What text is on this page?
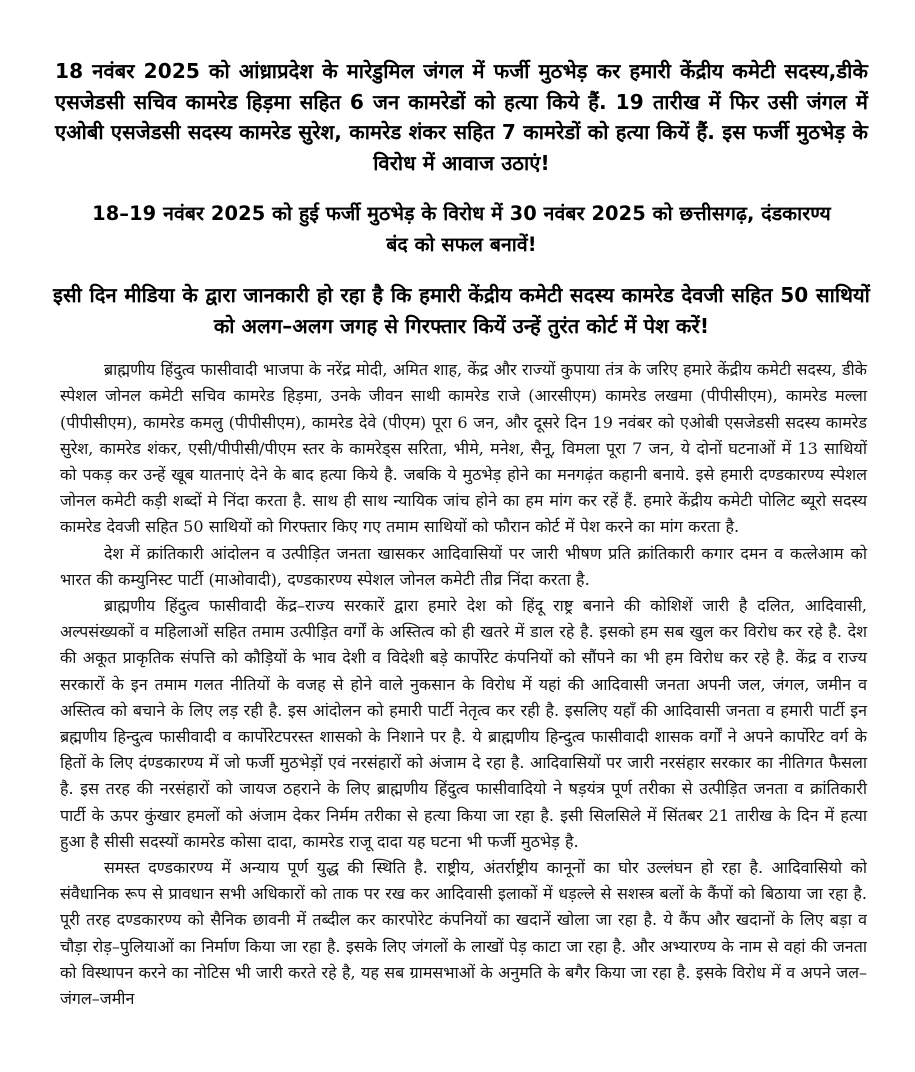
18 नवंबर 2025 को आंध्राप्रदेश के मारेडुमिल जंगल में फर्जी मुठभेड़ कर हमारी केंद्रीय कमेटी सदस्य,डीके एसजेडसी सचिव कामरेड हिड़मा सहित 6 जन कामरेडों को हत्या किये हैं. 19 तारीख में फिर उसी जंगल में एओबी एसजेडसी सदस्य कामरेड सुरेश, कामरेड शंकर सहित 7 कामरेडों को हत्या कियें हैं. इस फर्जी मुठभेड़ के विरोध में आवाज उठाएं!
18–19 नवंबर 2025 को हुई फर्जी मुठभेड़ के विरोध में 30 नवंबर 2025 को छत्तीसगढ़, दंडकारण्य बंद को सफल बनावें!
इसी दिन मीडिया के द्वारा जानकारी हो रहा है कि हमारी केंद्रीय कमेटी सदस्य कामरेड देवजी सहित 50 साथियों को अलग–अलग जगह से गिरफ्तार कियें उन्हें तुरंत कोर्ट में पेश करें!

ब्राह्मणीय हिंदुत्व फासीवादी भाजपा के नरेंद्र मोदी, अमित शाह, केंद्र और राज्यों कुपाया तंत्र के जरिए हमारे केंद्रीय कमेटी सदस्य, डीके स्पेशल जोनल कमेटी सचिव कामरेड हिड़मा, उनके जीवन साथी कामरेड राजे (आरसीएम) कामरेड लखमा (पीपीसीएम), कामरेड मल्ला (पीपीसीएम), कामरेड कमलु (पीपीसीएम), कामरेड देवे (पीएम) पूरा 6 जन, और दूसरे दिन 19 नवंबर को एओबी एसजेडसी सदस्य कामरेड सुरेश, कामरेड शंकर, एसी/पीपीसी/पीएम स्तर के कामरेड्स सरिता, भीमे, मनेश, सैनू, विमला पूरा 7 जन, ये दोनों घटनाओं में 13 साथियों को पकड़ कर उन्हें खूब यातनाएं देने के बाद हत्या किये है. जबकि ये मुठभेड़ होने का मनगढ़ंत कहानी बनाये. इसे हमारी दण्डकारण्य स्पेशल जोनल कमेटी कड़ी शब्दों मे निंदा करता है. साथ ही साथ न्यायिक जांच होने का हम मांग कर रहें हैं. हमारे केंद्रीय कमेटी पोलिट ब्यूरो सदस्य कामरेड देवजी सहित 50 साथियों को गिरफ्तार किए गए तमाम साथियों को फौरान कोर्ट में पेश करने का मांग करता है.

देश में क्रांतिकारी आंदोलन व उत्पीड़ित जनता खासकर आदिवासियों पर जारी भीषण प्रति क्रांतिकारी कगार दमन व कत्लेआम को भारत की कम्युनिस्ट पार्टी (माओवादी), दण्डकारण्य स्पेशल जोनल कमेटी तीव्र निंदा करता है.

ब्राह्मणीय हिंदुत्व फासीवादी केंद्र–राज्य सरकारें द्वारा हमारे देश को हिंदू राष्ट्र बनाने की कोशिशें जारी है दलित, आदिवासी, अल्पसंख्यकों व महिलाओं सहित तमाम उत्पीड़ित वर्गों के अस्तित्व को ही खतरे में डाल रहे है. इसको हम सब खुल कर विरोध कर रहे है. देश की अकूत प्राकृतिक संपत्ति को कौड़ियों के भाव देशी व विदेशी बड़े कार्पोरेट कंपनियों को सौंपने का भी हम विरोध कर रहे है. केंद्र व राज्य सरकारों के इन तमाम गलत नीतियों के वजह से होने वाले नुकसान के विरोध में यहां की आदिवासी जनता अपनी जल, जंगल, जमीन व अस्तित्व को बचाने के लिए लड़ रही है. इस आंदोलन को हमारी पार्टी नेतृत्व कर रही है. इसलिए यहॉं की आदिवासी जनता व हमारी पार्टी इन ब्रह्मणीय हिन्दुत्व फासीवादी व कार्पोरेटपरस्त शासको के निशाने पर है. ये ब्राह्मणीय हिन्दुत्व फासीवादी शासक वर्गों ने अपने कार्पोरेट वर्ग के हितों के लिए दंण्डकारण्य में जो फर्जी मुठभेड़ों एवं नरसंहारों को अंजाम दे रहा है. आदिवासियों पर जारी नरसंहार सरकार का नीतिगत फैसला है. इस तरह की नरसंहारों को जायज ठहराने के लिए ब्राह्मणीय हिंदुत्व फासीवादियो ने षड़यंत्र पूर्ण तरीका से उत्पीड़ित जनता व क्रांतिकारी पार्टी के ऊपर कुंखार हमलों को अंजाम देकर निर्मम तरीका से हत्या किया जा रहा है. इसी सिलसिले में सिंतबर 21 तारीख के दिन में हत्या हुआ है सीसी सदस्यों कामरेड कोसा दादा, कामरेड राजू दादा यह घटना भी फर्जी मुठभेड़ है.

समस्त दण्डकारण्य में अन्याय पूर्ण युद्ध की स्थिति है. राष्ट्रीय, अंतर्राष्ट्रीय कानूनों का घोर उल्लंघन हो रहा है. आदिवासियो को संवैधानिक रूप से प्रावधान सभी अधिकारों को ताक पर रख कर आदिवासी इलाकों में धड़ल्ले से सशस्त्र बलों के कैंपों को बिठाया जा रहा है. पूरी तरह दण्डकारण्य को सैनिक छावनी में तब्दील कर कारपोरेट कंपनियों का खदानें खोला जा रहा है. ये कैंप और खदानों के लिए बड़ा व चौड़ा रोड़–पुलियाओं का निर्माण किया जा रहा है. इसके लिए जंगलों के लाखों पेड़ काटा जा रहा है. और अभ्यारण्य के नाम से वहां की जनता को विस्थापन करने का नोटिस भी जारी करते रहे है, यह सब ग्रामसभाओं के अनुमति के बगैर किया जा रहा है. इसके विरोध में व अपने जल–जंगल–जमीन
